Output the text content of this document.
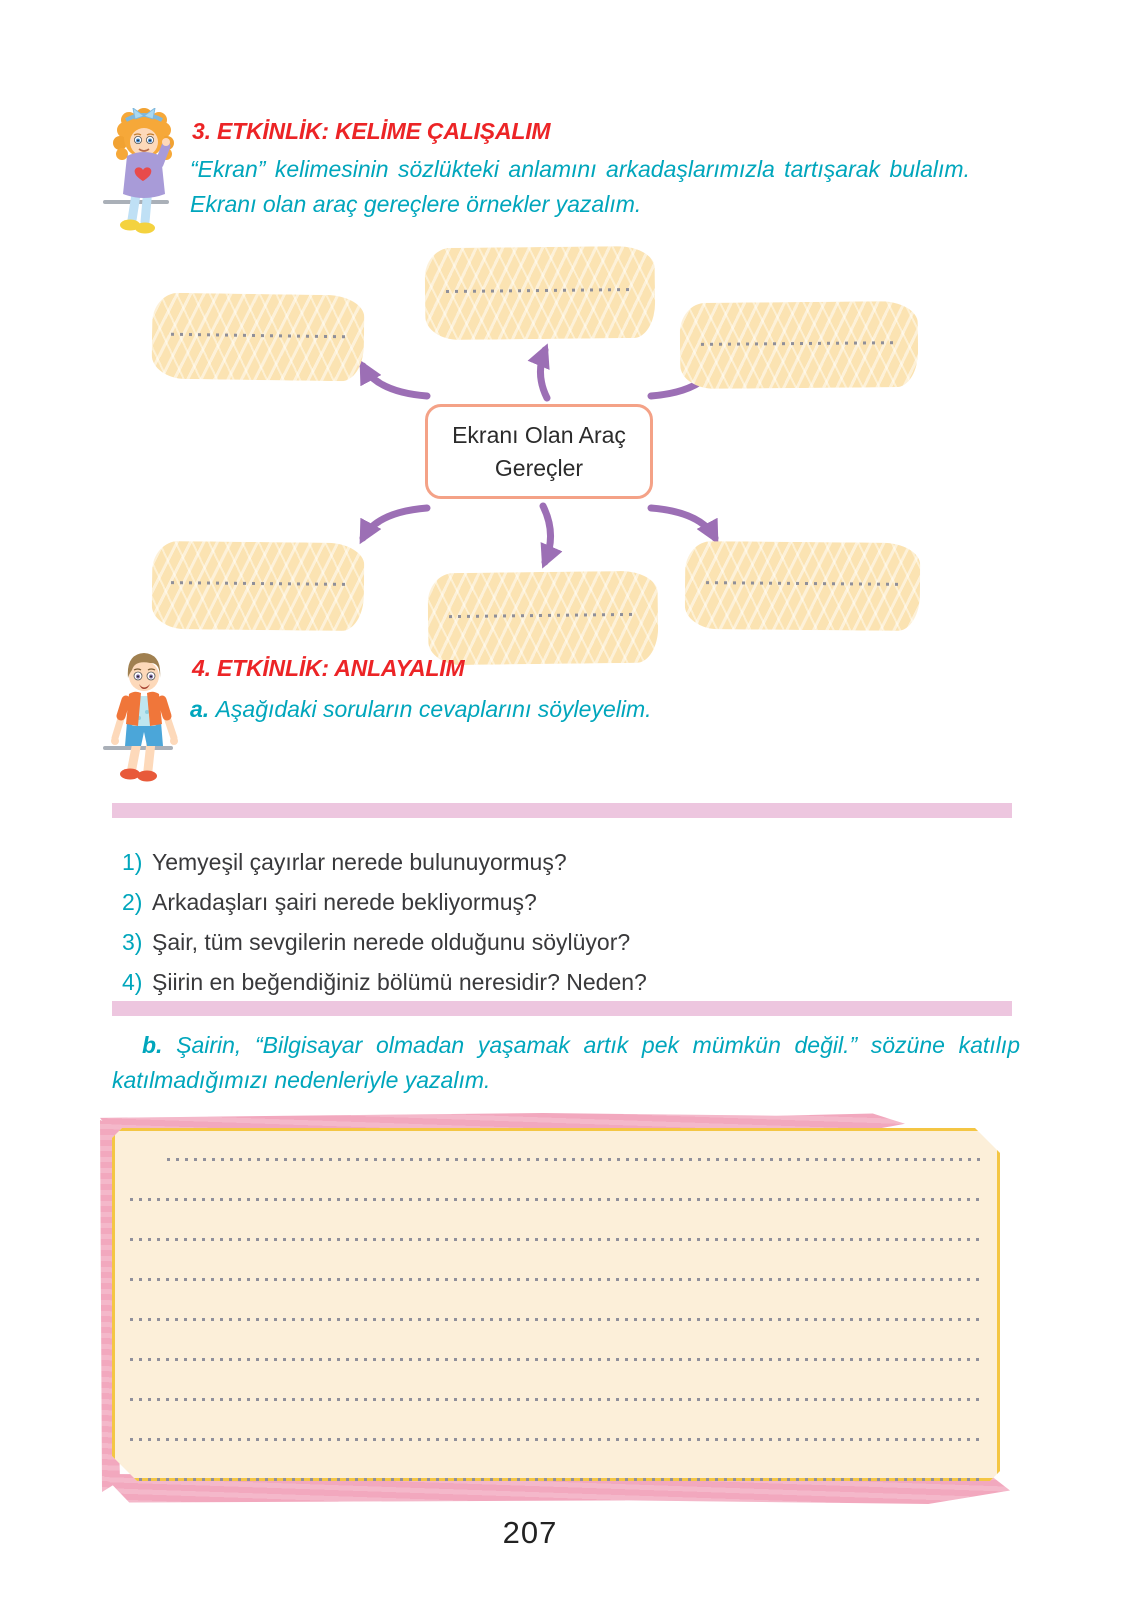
3. ETKİNLİK: KELİME ÇALIŞALIM

“Ekran” kelimesinin sözlükteki anlamını arkadaşlarımızla tartışarak bulalım. Ekranı olan araç gereçlere örnekler yazalım.

Ekranı Olan Araç
Gereçler
4. ETKİNLİK: ANLAYALIM

a. Aşağıdaki soruların cevaplarını söyleyelim.

1) Yemyeşil çayırlar nerede bulunuyormuş?
2) Arkadaşları şairi nerede bekliyormuş?
3) Şair, tüm sevgilerin nerede olduğunu söylüyor?
4) Şiirin en beğendiğiniz bölümü neresidir? Neden?

b. Şairin, “Bilgisayar olmadan yaşamak artık pek mümkün değil.” sözüne katılıp katılmadığımızı nedenleriyle yazalım.

207
